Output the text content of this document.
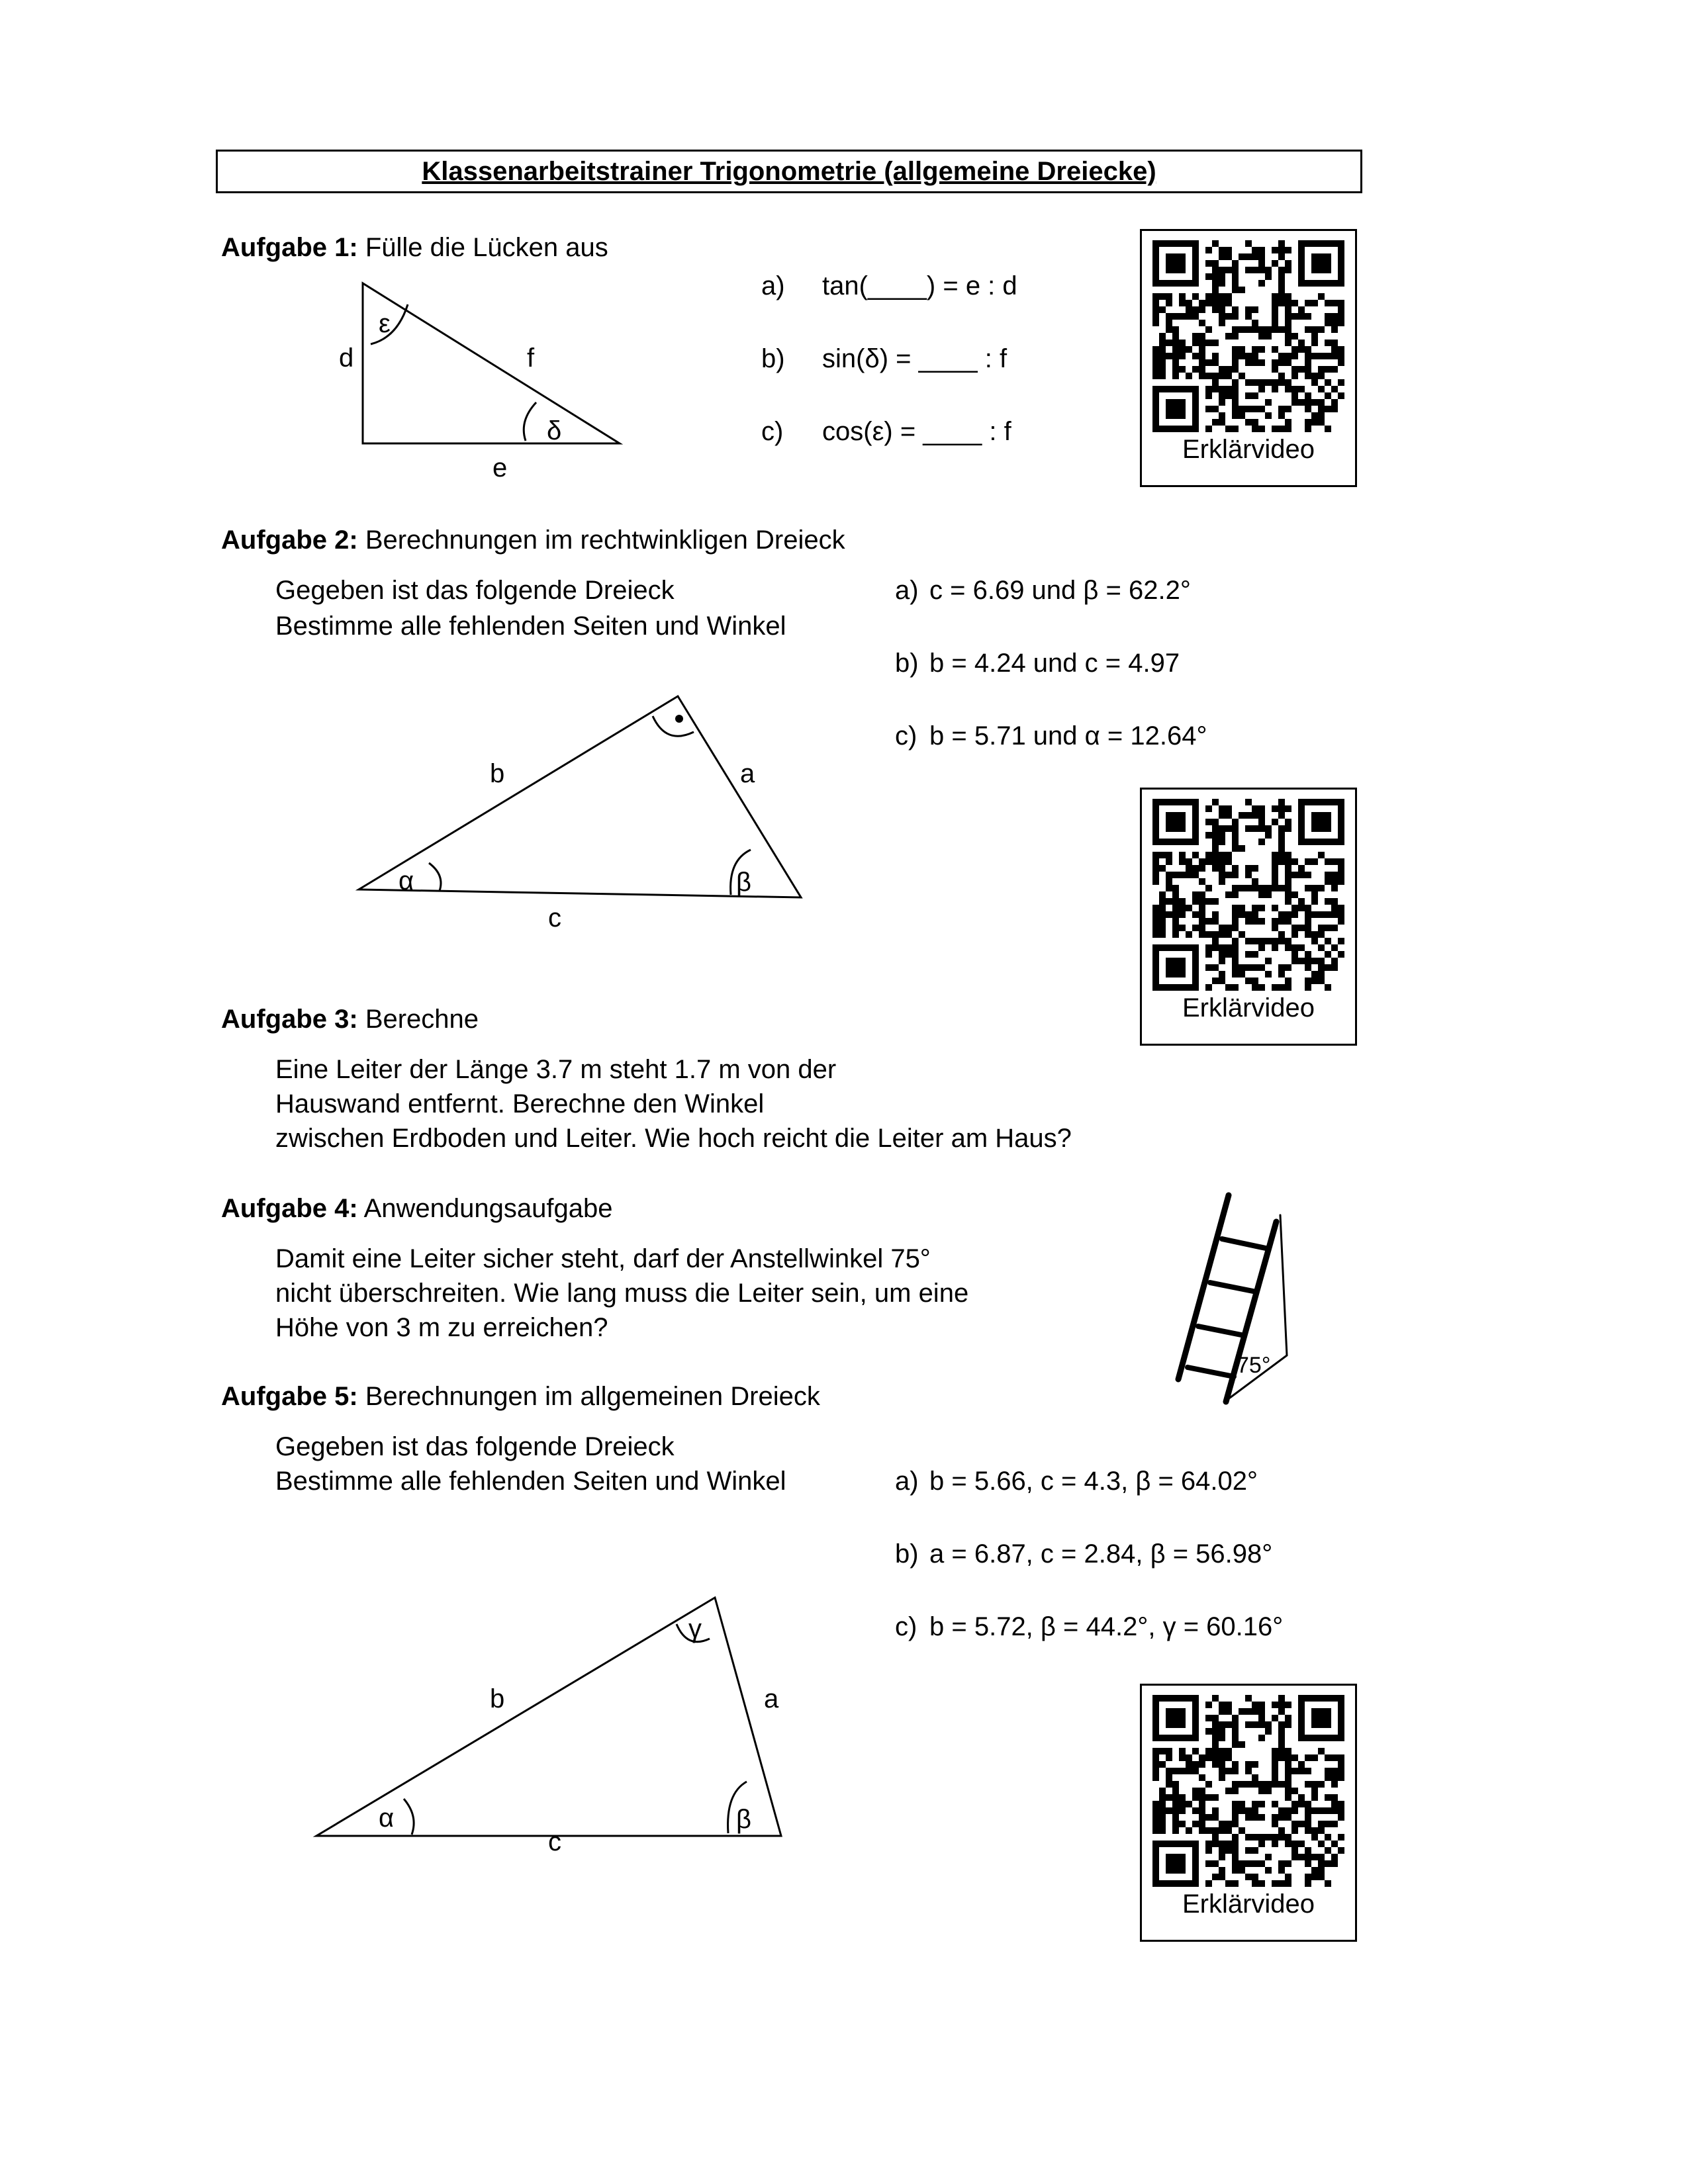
Klassenarbeitstrainer Trigonometrie (allgemeine Dreiecke)
Aufgabe 1: Fülle die Lücken aus
ε
δ
d	f
e
a) tan(____) = e : d
b) sin(δ) = ____ : f
c) cos(ε) = ____ : f
Erklärvideo
Aufgabe 2: Berechnungen im rechtwinkligen Dreieck
Gegeben ist das folgende Dreieck
Bestimme alle fehlenden Seiten und Winkel
b	a
c
α	β
a) c = 6.69 und β = 62.2°
b) b = 4.24 und c = 4.97
c) b = 5.71 und α = 12.64°
Erklärvideo
Aufgabe 3: Berechne
Eine Leiter der Länge 3.7 m steht 1.7 m von der
Hauswand entfernt. Berechne den Winkel
zwischen Erdboden und Leiter. Wie hoch reicht die Leiter am Haus?
Aufgabe 4: Anwendungsaufgabe
Damit eine Leiter sicher steht, darf der Anstellwinkel 75°
nicht überschreiten. Wie lang muss die Leiter sein, um eine
Höhe von 3 m zu erreichen?
75°
Aufgabe 5: Berechnungen im allgemeinen Dreieck
Gegeben ist das folgende Dreieck
Bestimme alle fehlenden Seiten und Winkel
b	a
c
α	β
γ
a) b = 5.66, c = 4.3, β = 64.02°
b) a = 6.87, c = 2.84, β = 56.98°
c) b = 5.72, β = 44.2°, γ = 60.16°
Erklärvideo
